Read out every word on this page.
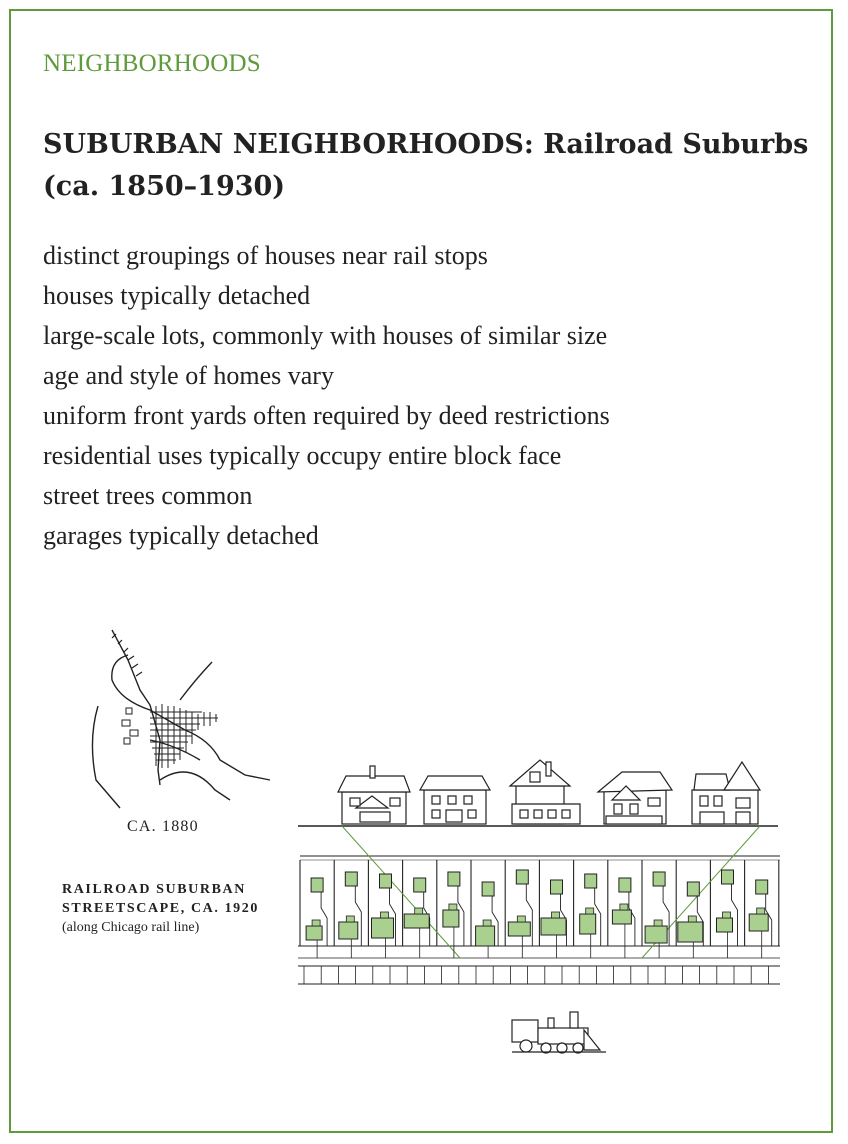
NEIGHBORHOODS
SUBURBAN NEIGHBORHOODS: Railroad Suburbs (ca. 1850–1930)
distinct groupings of houses near rail stops
houses typically detached
large-scale lots, commonly with houses of similar size
age and style of homes vary
uniform front yards often required by deed restrictions
residential uses typically occupy entire block face
street trees common
garages typically detached
CA. 1880
RAILROAD SUBURBAN
STREETSCAPE, CA. 1920
(along Chicago rail line)
